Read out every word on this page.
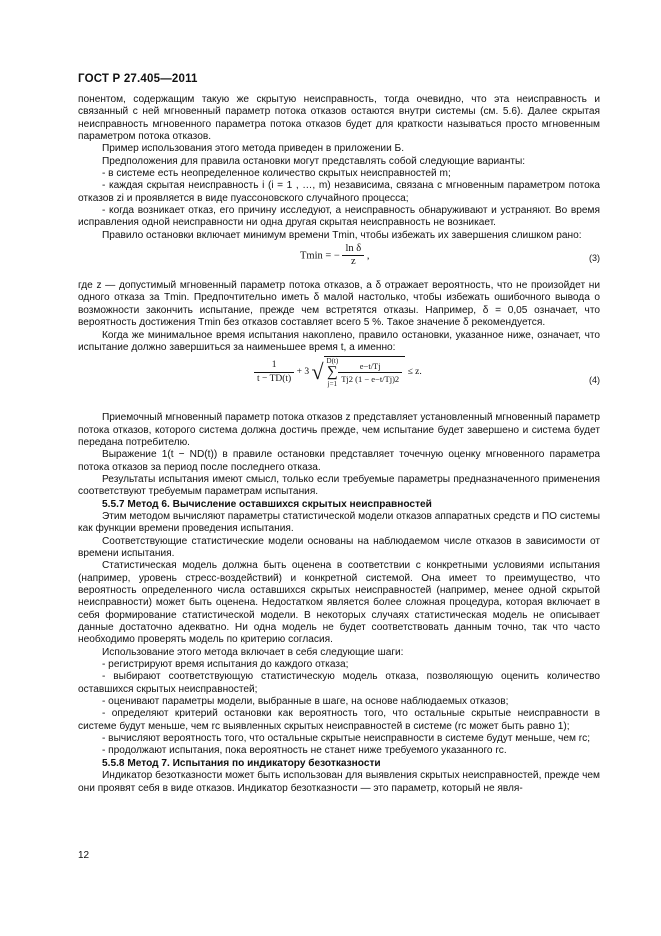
ГОСТ Р 27.405—2011

понентом, содержащим такую же скрытую неисправность, тогда очевидно, что эта неисправность и связанный с ней мгновенный параметр потока отказов остаются внутри системы (см. 5.6). Далее скрытая неисправность мгновенного параметра потока отказов будет для краткости называться просто мгновенным параметром потока отказов.

Пример использования этого метода приведен в приложении Б.

Предположения для правила остановки могут представлять собой следующие варианты:

- в системе есть неопределенное количество скрытых неисправностей m;

- каждая скрытая неисправность i (i = 1 , …, m) независима, связана с мгновенным параметром потока отказов zi и проявляется в виде пуассоновского случайного процесса;

- когда возникает отказ, его причину исследуют, а неисправность обнаруживают и устраняют. Во время исправления одной неисправности ни одна другая скрытая неисправность не возникает.

Правило остановки включает минимум времени Tmin, чтобы избежать их завершения слишком рано:

Tmin = − $\frac{\text{ln δ}}{z}$ ,	(3)

где z — допустимый мгновенный параметр потока отказов, а δ отражает вероятность, что не произойдет ни одного отказа за Tmin. Предпочтительно иметь δ малой настолько, чтобы избежать ошибочного вывода о возможности закончить испытание, прежде чем встретятся отказы. Например, δ = 0,05 означает, что вероятность достижения Tmin без отказов составляет всего 5 %. Такое значение δ рекомендуется.

Когда же минимальное время испытания накоплено, правило остановки, указанное ниже, означает, что испытание должно завершиться за наименьшее время t, а именно:

$\frac{1}{t - TD(t)} + 3$ √ D(t)
∑
$j=1 \frac{e-t/Tj}{Tj2 (1 - e-t/Tj)2} \le z$.
(4)

Приемочный мгновенный параметр потока отказов z представляет установленный мгновенный параметр потока отказов, которого система должна достичь прежде, чем испытание будет завершено и система будет передана потребителю.

Выражение 1(t − ND(t)) в правиле остановки представляет точечную оценку мгновенного параметра потока отказов за период после последнего отказа.

Результаты испытания имеют смысл, только если требуемые параметры предназначенного применения соответствуют требуемым параметрам испытания.

5.5.7 Метод 6. Вычисление оставшихся скрытых неисправностей

Этим методом вычисляют параметры статистической модели отказов аппаратных средств и ПО системы как функции времени проведения испытания.

Соответствующие статистические модели основаны на наблюдаемом числе отказов в зависимости от времени испытания.

Статистическая модель должна быть оценена в соответствии с конкретными условиями испытания (например, уровень стресс-воздействий) и конкретной системой. Она имеет то преимущество, что вероятность определенного числа оставшихся скрытых неисправностей (например, менее одной скрытой неисправности) может быть оценена. Недостатком является более сложная процедура, которая включает в себя формирование статистической модели. В некоторых случаях статистическая модель не описывает данные достаточно адекватно. Ни одна модель не будет соответствовать данным точно, так что часто необходимо проверять модель по критерию согласия.

Использование этого метода включает в себя следующие шаги:

- регистрируют время испытания до каждого отказа;

- выбирают соответствующую статистическую модель отказа, позволяющую оценить количество оставшихся скрытых неисправностей;

- оценивают параметры модели, выбранные в шаге, на основе наблюдаемых отказов;

- определяют критерий остановки как вероятность того, что остальные скрытые неисправности в системе будут меньше, чем rc выявленных скрытых неисправностей в системе (rc может быть равно 1);

- вычисляют вероятность того, что остальные скрытые неисправности в системе будут меньше, чем rc;

- продолжают испытания, пока вероятность не станет ниже требуемого указанного rc.

5.5.8 Метод 7. Испытания по индикатору безотказности

Индикатор безотказности может быть использован для выявления скрытых неисправностей, прежде чем они проявят себя в виде отказов. Индикатор безотказности — это параметр, который не явля-

12
